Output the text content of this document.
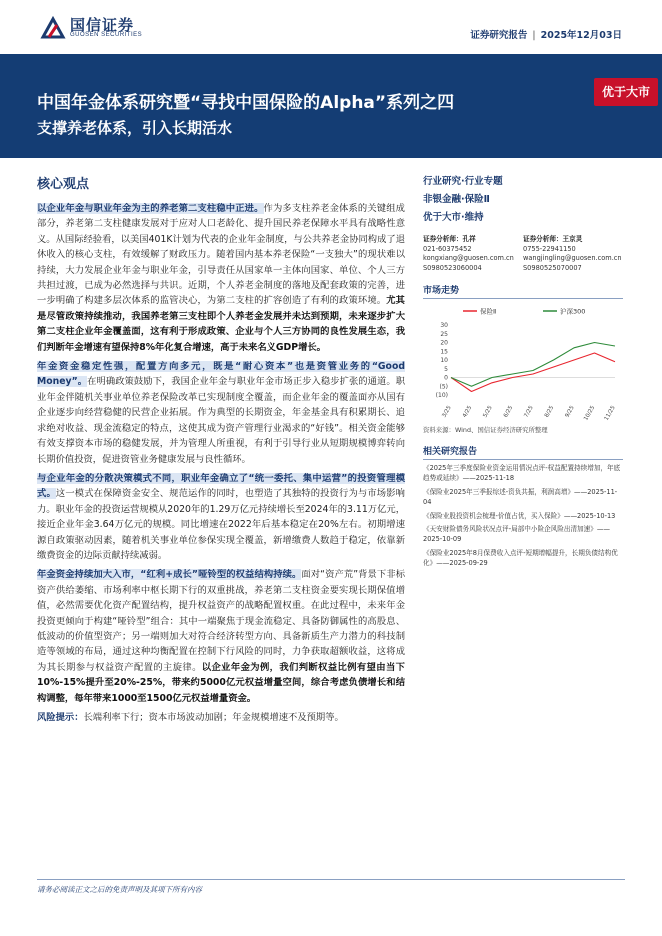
国信证券
GUOSEN SECURITIES	证券研究报告 | 2025年12月03日
中国年金体系研究暨“寻找中国保险的Alpha”系列之四
支撑养老体系，引入长期活水
优于大市
核心观点

以企业年金与职业年金为主的养老第二支柱稳中正进。作为多支柱养老金体系的关键组成部分，养老第二支柱健康发展对于应对人口老龄化、提升国民养老保障水平具有战略性意义。从国际经验看，以美国401K计划为代表的企业年金制度，与公共养老金协同构成了退休收入的核心支柱，有效缓解了财政压力。随着国内基本养老保险“一支独大”的现状难以持续，大力发展企业年金与职业年金，引导责任从国家单一主体向国家、单位、个人三方共担过渡，已成为必然选择与共识。近期，个人养老金制度的落地及配套政策的完善，进一步明确了构建多层次体系的监管决心，为第二支柱的扩容创造了有利的政策环境。尤其是尽管政策持续推动，我国养老第三支柱即个人养老金发展并未达到预期，未来逐步扩大第二支柱企业年金覆盖面，这有利于形成政策、企业与个人三方协同的良性发展生态，我们判断年金增速有望保持8%年化复合增速，高于未来名义GDP增长。

年金资金稳定性强，配置方向多元，既是“耐心资本”也是资管业务的“Good Money”。在明确政策鼓励下，我国企业年金与职业年金市场正步入稳步扩张的通道。职业年金伴随机关事业单位养老保险改革已实现制度全覆盖，而企业年金的覆盖面亦从国有企业逐步向经营稳健的民营企业拓展。作为典型的长期资金，年金基金具有积累期长、追求绝对收益、现金流稳定的特点，这使其成为资产管理行业渴求的“好钱”。相关资金能够有效支撑资本市场的稳健发展，并为管理人所重视，有利于引导行业从短期规模博弈转向长期价值投资，促进资管业务健康发展与良性循环。

与企业年金的分散决策模式不同，职业年金确立了“统一委托、集中运营”的投资管理模式。这一模式在保障资金安全、规范运作的同时，也塑造了其独特的投资行为与市场影响力。职业年金的投资运营规模从2020年的1.29万亿元持续增长至2024年的3.11万亿元，接近企业年金3.64万亿元的规模。同比增速在2022年后基本稳定在20%左右。初期增速源自政策驱动因素，随着机关事业单位参保实现全覆盖，新增缴费人数趋于稳定，依靠新缴费资金的边际贡献持续减弱。

年金资金持续加大入市，“红利+成长”哑铃型的权益结构持续。面对“资产荒”背景下非标资产供给萎缩、市场利率中枢长期下行的双重挑战，养老第二支柱资金要实现长期保值增值，必然需要优化资产配置结构，提升权益资产的战略配置权重。在此过程中，未来年金投资更倾向于构建“哑铃型”组合：其中一端聚焦于现金流稳定、具备防御属性的高股息、低波动的价值型资产；另一端则加大对符合经济转型方向、具备新质生产力潜力的科技制造等领域的布局，通过这种均衡配置在控制下行风险的同时，力争获取超额收益，这将成为其长期参与权益资产配置的主旋律。以企业年金为例，我们判断权益比例有望由当下10%-15%提升至20%-25%，带来约5000亿元权益增量空间，综合考虑负债增长和结构调整，每年带来1000至1500亿元权益增量资金。

风险提示：长端利率下行；资本市场波动加剧；年金规模增速不及预期等。

行业研究·行业专题
非银金融·保险Ⅱ
优于大市·维持
证券分析师：孔祥
021-60375452
kongxiang@guosen.com.cn
S0980523060004
证券分析师：王京灵
0755-22941150
wangjingling@guosen.com.cn
S0980525070007
市场走势
保险Ⅱ	沪深300
30
25
20
15
10
5
0
(5)
(10)
3/25 4/25 5/25 6/25 7/25 8/25 9/25 10/25 11/25
资料来源：Wind、国信证券经济研究所整理
相关研究报告
《2025年三季度保险业资金运用情况点评-权益配置持续增加，年底趋势或延续》——2025-11-18
《保险业2025年三季报综述-资负共振，利润高增》——2025-11-04
《保险业股投资机会梳理-价值占优，买入保险》——2025-10-13
《天安财险债务风险状况点评-局部中小险企风险出清加速》——2025-10-09
《保险业2025年8月保费收入点评-短期增幅提升，长期负债结构优化》——2025-09-29
请务必阅读正文之后的免责声明及其项下所有内容
